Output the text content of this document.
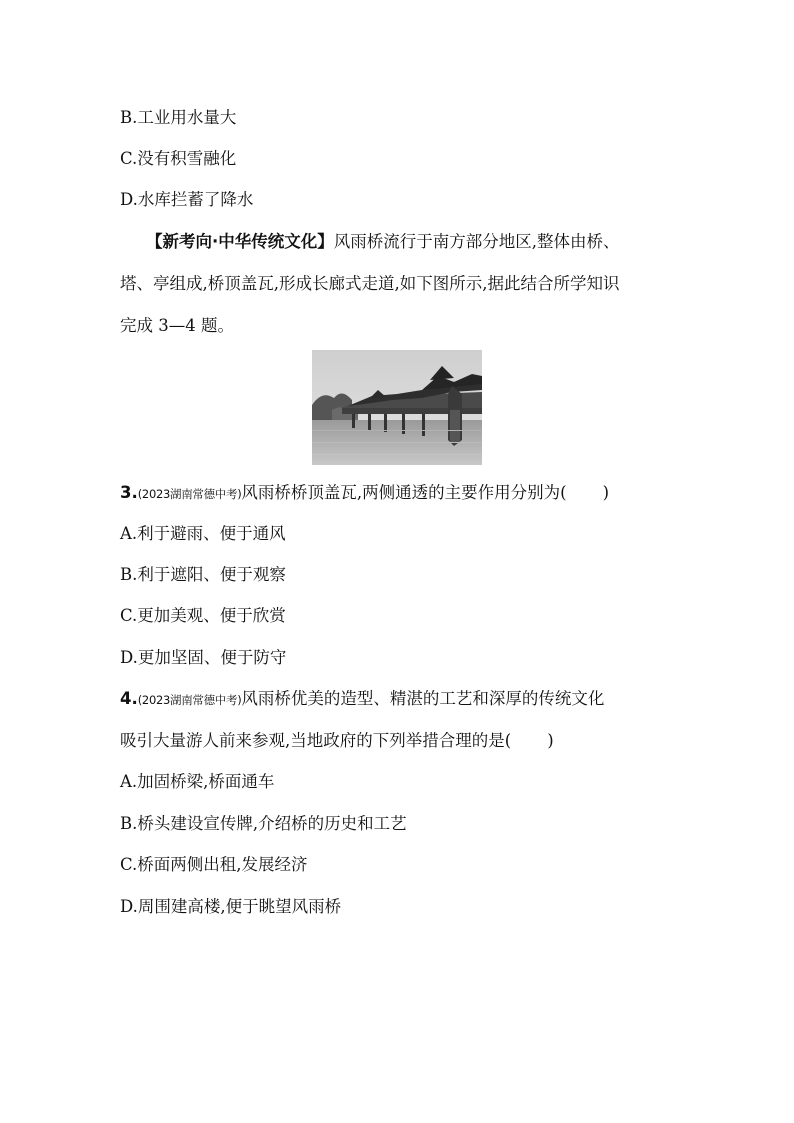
B.工业用水量大
C.没有积雪融化
D.水库拦蓄了降水
【新考向·中华传统文化】风雨桥流行于南方部分地区,整体由桥、
塔、亭组成,桥顶盖瓦,形成长廊式走道,如下图所示,据此结合所学知识
完成 3—4 题。
3.(2023湖南常德中考)风雨桥桥顶盖瓦,两侧通透的主要作用分别为( )
A.利于避雨、便于通风
B.利于遮阳、便于观察
C.更加美观、便于欣赏
D.更加坚固、便于防守
4.(2023湖南常德中考)风雨桥优美的造型、精湛的工艺和深厚的传统文化
吸引大量游人前来参观,当地政府的下列举措合理的是( )
A.加固桥梁,桥面通车
B.桥头建设宣传牌,介绍桥的历史和工艺
C.桥面两侧出租,发展经济
D.周围建高楼,便于眺望风雨桥
